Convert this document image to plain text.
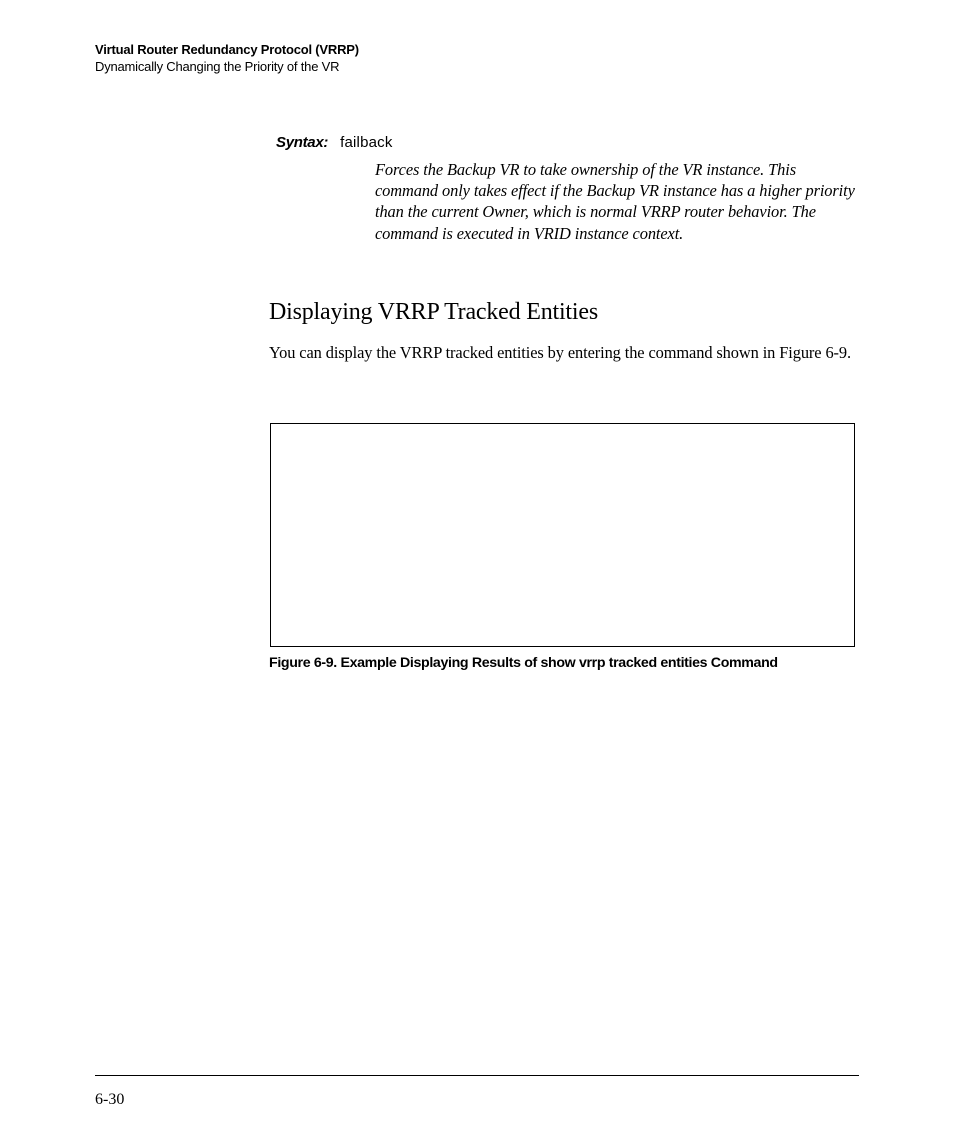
Virtual Router Redundancy Protocol (VRRP)
Dynamically Changing the Priority of the VR
Syntax: failback
Forces the Backup VR to take ownership of the VR instance. This command only takes effect if the Backup VR instance has a higher priority than the current Owner, which is normal VRRP router behavior. The command is executed in VRID instance context.
Displaying VRRP Tracked Entities

You can display the VRRP tracked entities by entering the command shown in Figure 6-9.

Figure 6-9. Example Displaying Results of show vrrp tracked entities Command
6-30
